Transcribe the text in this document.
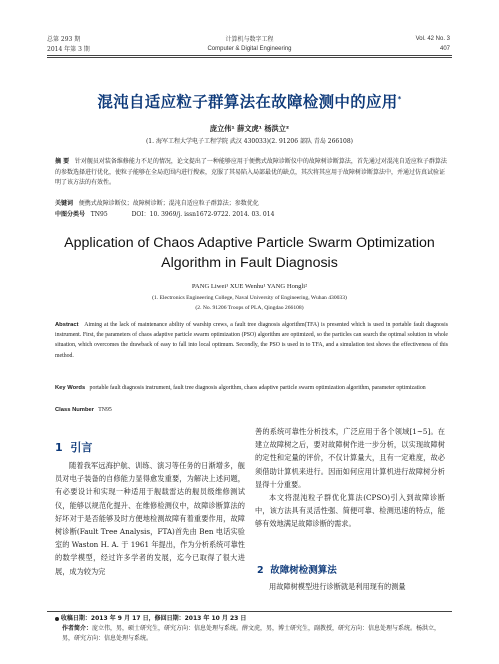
总第 293 期
2014 年第 3 期
计算机与数字工程
Computer & Digital Engineering
Vol. 42 No. 3
407
混沌自适应粒子群算法在故障检测中的应用*
庞立伟¹ 薛文虎¹ 杨洪立²
(1. 海军工程大学电子工程学院 武汉 430033)(2. 91206 部队 青岛 266108)
摘 要 针对舰员对装备维修能力不足的情况，论文提出了一种能够应用于便携式故障诊断仪中的故障树诊断算法，首先通过对混沌自适应粒子群算法的参数选择进行优化，使粒子能够在全局范围内进行搜索，克服了其易陷入局部最优的缺点，其次将其应用于故障树诊断算法中，并通过仿真试验证明了该方法的有效性。
关键词 便携式故障诊断仪；故障树诊断；混沌自适应粒子群算法；参数优化
中图分类号 TN95	DOI：10. 3969/j. issn1672-9722. 2014. 03. 014
Application of Chaos Adaptive Particle Swarm Optimization
Algorithm in Fault Diagnosis
PANG Liwei¹ XUE Wenhu¹ YANG Hongli²
(1. Electronics Engineering College, Naval University of Engineering, Wuhan 430033)
(2. No. 91206 Troops of PLA, Qingdao 266108)
Abstract Aiming at the lack of maintenance ability of warship crews, a fault tree diagnosis algorithm(TFA) is presented which is used in portable fault diagnosis instrument. First, the parameters of chaos adaptive particle swarm optimization (PSO) algorithm are optimized, so the particles can search the optimal solution in whole situation, which overcomes the drawback of easy to fall into local optimum. Secondly, the PSO is used in to TFA, and a simulation test shows the effectiveness of this method.
Key Words portable fault diagnosis instrument, fault tree diagnosis algorithm, chaos adaptive particle swarm optimization algorithm, parameter optimization
Class Number TN95
1 引言

随着我军远海护航、训练、演习等任务的日渐增多，舰员对电子装备的自修能力显得愈发重要，为解决上述问题，有必要设计和实现一种适用于舰载雷达的舰员级维修测试仪，能够以规范化提升、在维修检测仪中，故障诊断算法的好坏对于是否能够及时方便地检测故障有着重要作用，故障树诊断(Fault Tree Analysis，FTA)首先由 Ben 电话实验室的 Waston H. A. 于 1961 年提出，作为分析系统可靠性的数学模型，经过许多学者的发展，迄今已取得了很大进展，成为较为完

善的系统可靠性分析技术，广泛应用于各个领域[1~5]。在建立故障树之后，要对故障树作进一步分析，以实现故障树的定性和定量的评价，不仅计算量大，且有一定难度，故必须借助计算机来进行。因而如何应用计算机进行故障树分析显得十分重要。

本文将混沌粒子群优化算法(CPSO)引入到故障诊断中，该方法具有灵活性强、简便可靠、检测迅速的特点，能够有效地满足故障诊断的需求。

2 故障树检测算法

用故障树模型进行诊断就是利用现有的测量

收稿日期：2013 年 9 月 17 日，修回日期：2013 年 10 月 23 日
作者简介：庞立伟，男，硕士研究生，研究方向：信息处理与系统。薛文虎，男，博士研究生，副教授，研究方向：信息处理与系统。杨洪立，男，研究方向：信息处理与系统。
